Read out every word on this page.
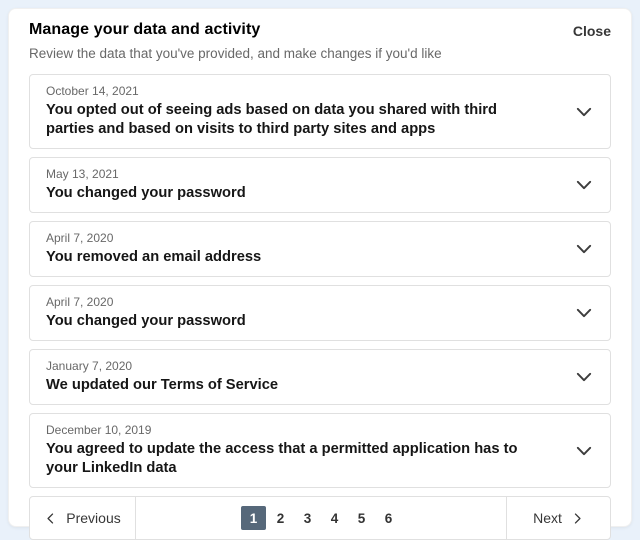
Manage your data and activity	Close
Review the data that you've provided, and make changes if you'd like
October 14, 2021
You opted out of seeing ads based on data you shared with third parties and based on visits to third party sites and apps
May 13, 2021
You changed your password
April 7, 2020
You removed an email address
April 7, 2020
You changed your password
January 7, 2020
We updated our Terms of Service
December 10, 2019
You agreed to update the access that a permitted application has to your LinkedIn data
Previous	1	2	3	4	5	6	Next
